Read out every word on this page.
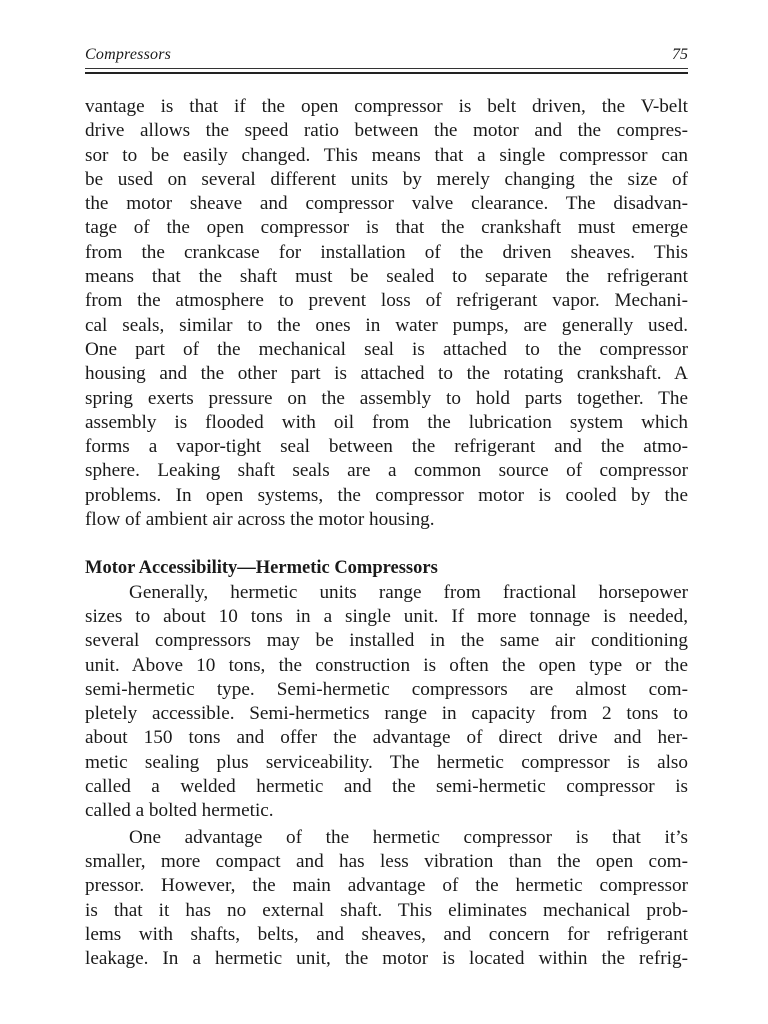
Compressors	75
vantage is that if the open compressor is belt driven, the V-belt
drive allows the speed ratio between the motor and the compres-
sor to be easily changed. This means that a single compressor can
be used on several different units by merely changing the size of
the motor sheave and compressor valve clearance. The disadvan-
tage of the open compressor is that the crankshaft must emerge
from the crankcase for installation of the driven sheaves. This
means that the shaft must be sealed to separate the refrigerant
from the atmosphere to prevent loss of refrigerant vapor. Mechani-
cal seals, similar to the ones in water pumps, are generally used.
One part of the mechanical seal is attached to the compressor
housing and the other part is attached to the rotating crankshaft. A
spring exerts pressure on the assembly to hold parts together. The
assembly is flooded with oil from the lubrication system which
forms a vapor-tight seal between the refrigerant and the atmo-
sphere. Leaking shaft seals are a common source of compressor
problems. In open systems, the compressor motor is cooled by the
flow of ambient air across the motor housing.
Motor Accessibility—Hermetic Compressors
Generally, hermetic units range from fractional horsepower
sizes to about 10 tons in a single unit. If more tonnage is needed,
several compressors may be installed in the same air conditioning
unit. Above 10 tons, the construction is often the open type or the
semi-hermetic type. Semi-hermetic compressors are almost com-
pletely accessible. Semi-hermetics range in capacity from 2 tons to
about 150 tons and offer the advantage of direct drive and her-
metic sealing plus serviceability. The hermetic compressor is also
called a welded hermetic and the semi-hermetic compressor is
called a bolted hermetic.
One advantage of the hermetic compressor is that it’s
smaller, more compact and has less vibration than the open com-
pressor. However, the main advantage of the hermetic compressor
is that it has no external shaft. This eliminates mechanical prob-
lems with shafts, belts, and sheaves, and concern for refrigerant
leakage. In a hermetic unit, the motor is located within the refrig-
